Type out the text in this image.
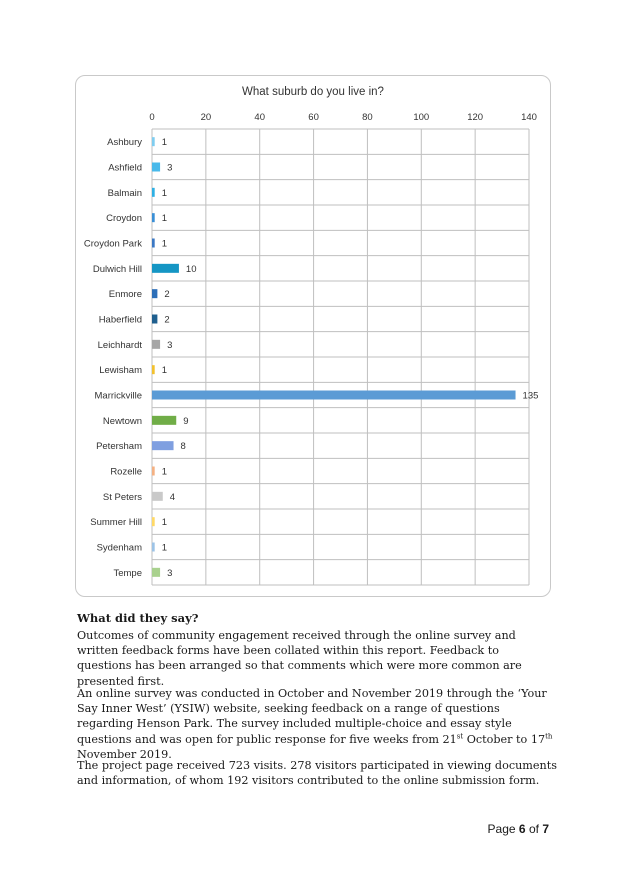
What suburb do you live in?
0	20	40	60	80	100	120	140
Ashbury 1
Ashfield	3
Balmain 1
Croydon 1
Croydon Park 1
Dulwich Hill	10
Enmore 2
Haberfield 2
Leichhardt	3
Lewisham 1
Marrickville	135
Newtown	9
Petersham	8
Rozelle 1
St Peters	4
Summer Hill 1
Sydenham 1
Tempe	3
What did they say?

Outcomes of community engagement received through the online survey and written feedback forms have been collated within this report. Feedback to questions has been arranged so that comments which were more common are presented first.

An online survey was conducted in October and November 2019 through the ‘Your Say Inner West’ (YSIW) website, seeking feedback on a range of questions regarding Henson Park. The survey included multiple-choice and essay style questions and was open for public response for five weeks from 21st October to 17th November 2019.

The project page received 723 visits. 278 visitors participated in viewing documents and information, of whom 192 visitors contributed to the online submission form.

Page 6 of 7
